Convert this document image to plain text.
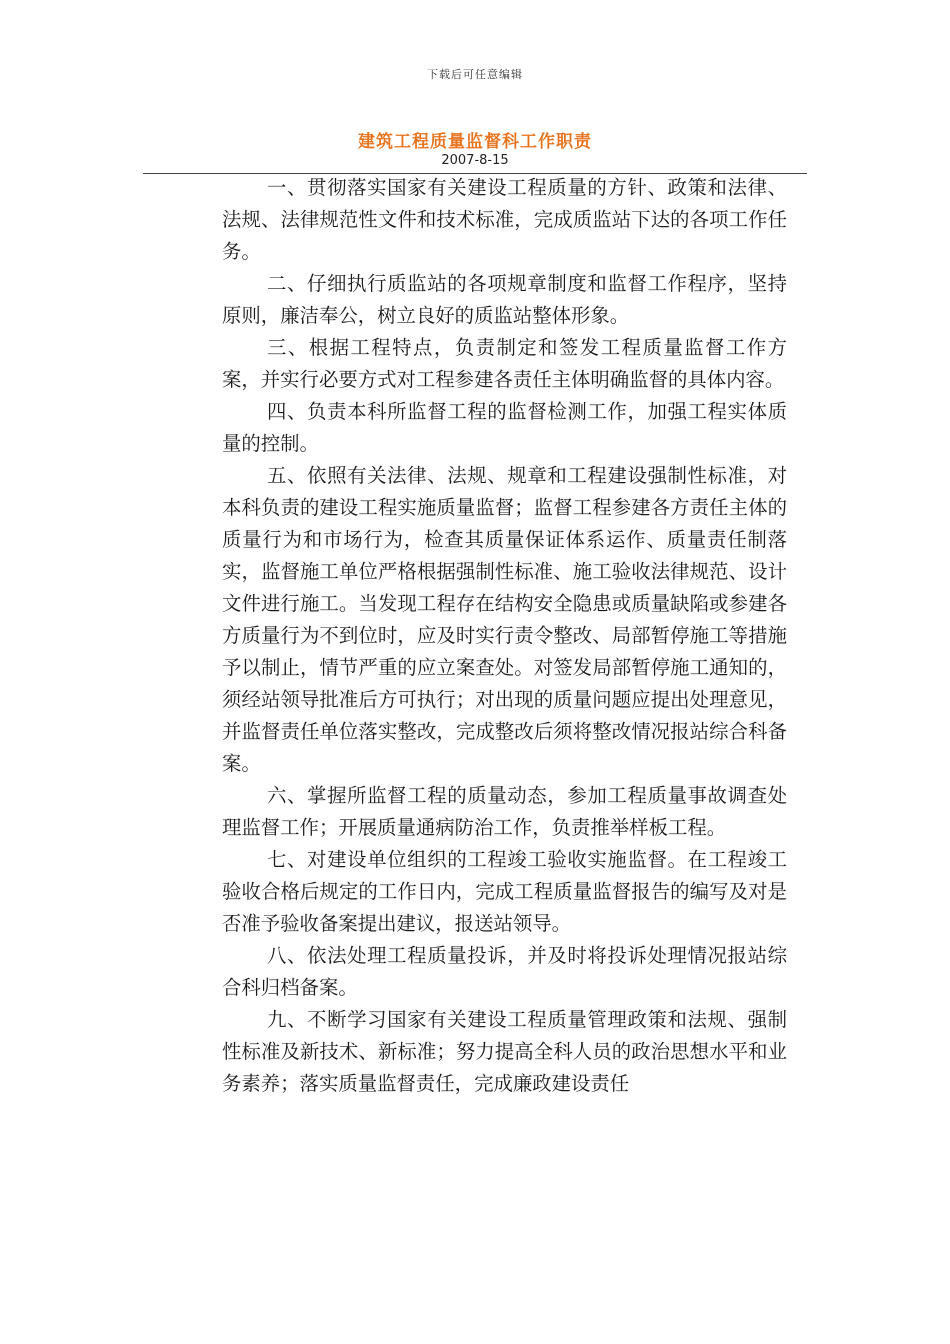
下载后可任意编辑
建筑工程质量监督科工作职责
2007-8-15

一、贯彻落实国家有关建设工程质量的方针、政策和法律、法规、法律规范性文件和技术标准，完成质监站下达的各项工作任务。

二、仔细执行质监站的各项规章制度和监督工作程序，坚持原则，廉洁奉公，树立良好的质监站整体形象。

三、根据工程特点，负责制定和签发工程质量监督工作方案，并实行必要方式对工程参建各责任主体明确监督的具体内容。

四、负责本科所监督工程的监督检测工作，加强工程实体质量的控制。

五、依照有关法律、法规、规章和工程建设强制性标准，对本科负责的建设工程实施质量监督；监督工程参建各方责任主体的质量行为和市场行为，检查其质量保证体系运作、质量责任制落实，监督施工单位严格根据强制性标准、施工验收法律规范、设计文件进行施工。当发现工程存在结构安全隐患或质量缺陷或参建各方质量行为不到位时，应及时实行责令整改、局部暂停施工等措施予以制止，情节严重的应立案查处。对签发局部暂停施工通知的，须经站领导批准后方可执行；对出现的质量问题应提出处理意见，并监督责任单位落实整改，完成整改后须将整改情况报站综合科备案。

六、掌握所监督工程的质量动态，参加工程质量事故调查处理监督工作；开展质量通病防治工作，负责推举样板工程。

七、对建设单位组织的工程竣工验收实施监督。在工程竣工验收合格后规定的工作日内，完成工程质量监督报告的编写及对是否准予验收备案提出建议，报送站领导。

八、依法处理工程质量投诉，并及时将投诉处理情况报站综合科归档备案。

九、不断学习国家有关建设工程质量管理政策和法规、强制性标准及新技术、新标准；努力提高全科人员的政治思想水平和业务素养；落实质量监督责任，完成廉政建设责任
